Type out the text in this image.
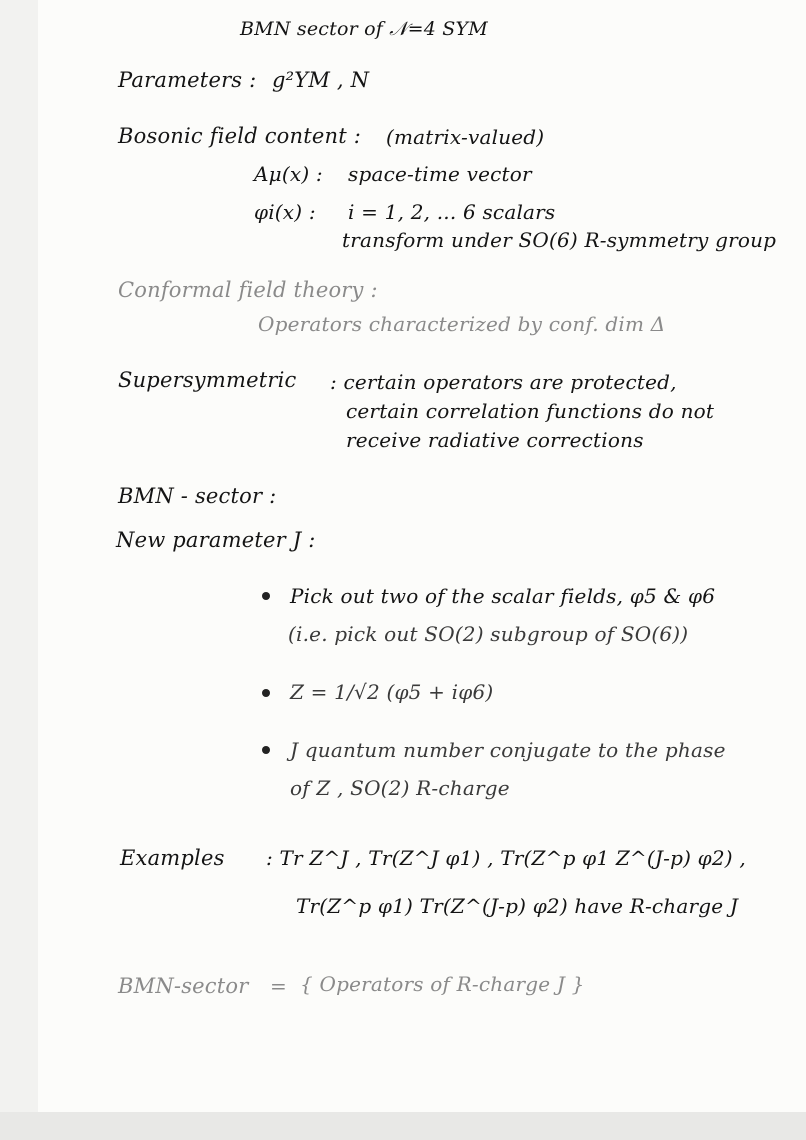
BMN sector of 𝒩=4 SYM
Parameters : g²YM , N
Bosonic field content : (matrix-valued)
Aμ(x) : space-time vector
φi(x) : i = 1, 2, ... 6 scalars
transform under SO(6) R-symmetry group
Conformal field theory :
Operators characterized by conf. dim Δ
Supersymmetric : certain operators are protected,
certain correlation functions do not
receive radiative corrections
BMN - sector :
New parameter J :
Pick out two of the scalar fields, φ5 & φ6
(i.e. pick out SO(2) subgroup of SO(6))
Z = 1/√2 (φ5 + iφ6)
J quantum number conjugate to the phase
of Z , SO(2) R-charge
Examples : Tr Z^J , Tr(Z^J φ1) , Tr(Z^p φ1 Z^(J-p) φ2) ,
Tr(Z^p φ1) Tr(Z^(J-p) φ2) have R-charge J
BMN-sector = { Operators of R-charge J }
